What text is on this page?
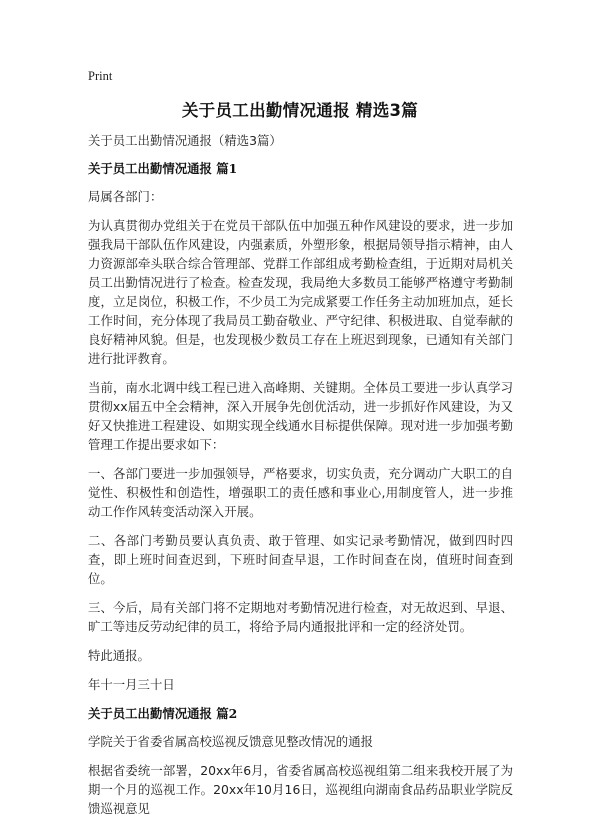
Print
关于员工出勤情况通报 精选3篇

关于员工出勤情况通报（精选3篇）

关于员工出勤情况通报 篇1

局属各部门：

为认真贯彻办党组关于在党员干部队伍中加强五种作风建设的要求，进一步加强我局干部队伍作风建设，内强素质，外塑形象，根据局领导指示精神，由人力资源部牵头联合综合管理部、党群工作部组成考勤检查组，于近期对局机关员工出勤情况进行了检查。检查发现，我局绝大多数员工能够严格遵守考勤制度，立足岗位，积极工作，不少员工为完成紧要工作任务主动加班加点，延长工作时间，充分体现了我局员工勤奋敬业、严守纪律、积极进取、自觉奉献的良好精神风貌。但是，也发现极少数员工存在上班迟到现象，已通知有关部门进行批评教育。

当前，南水北调中线工程已进入高峰期、关键期。全体员工要进一步认真学习贯彻xx届五中全会精神，深入开展争先创优活动，进一步抓好作风建设，为又好又快推进工程建设、如期实现全线通水目标提供保障。现对进一步加强考勤管理工作提出要求如下：

一、各部门要进一步加强领导，严格要求，切实负责，充分调动广大职工的自觉性、积极性和创造性，增强职工的责任感和事业心,用制度管人，进一步推动工作作风转变活动深入开展。

二、各部门考勤员要认真负责、敢于管理、如实记录考勤情况，做到四时四查，即上班时间查迟到，下班时间查早退，工作时间查在岗，值班时间查到位。

三、今后，局有关部门将不定期地对考勤情况进行检查，对无故迟到、早退、旷工等违反劳动纪律的员工，将给予局内通报批评和一定的经济处罚。

特此通报。

年十一月三十日

关于员工出勤情况通报 篇2

学院关于省委省属高校巡视反馈意见整改情况的通报

根据省委统一部署，20xx年6月，省委省属高校巡视组第二组来我校开展了为期一个月的巡视工作。20xx年10月16日，巡视组向湖南食品药品职业学院反馈巡视意见
